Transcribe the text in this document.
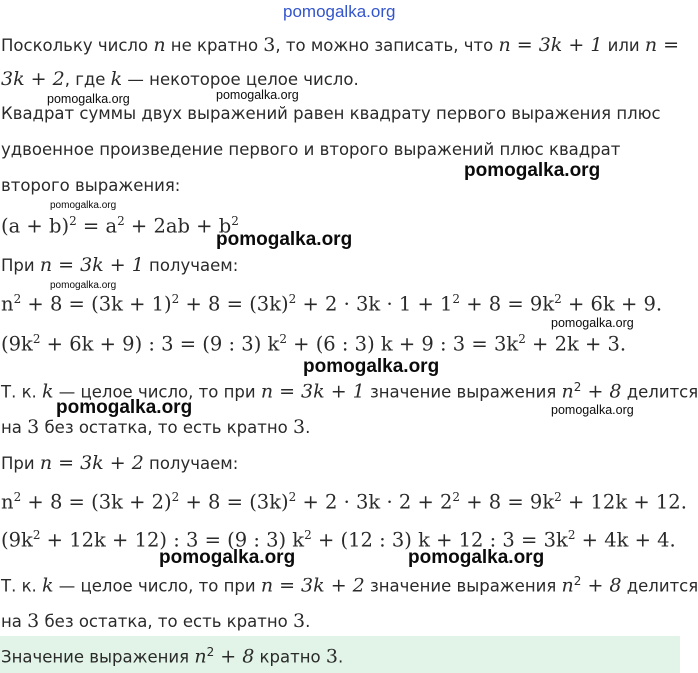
pomogalka.org
Поскольку число n не кратно 3, то можно записать, что n = 3k + 1 или n =
3k + 2, где k — некоторое целое число.
Квадрат суммы двух выражений равен квадрату первого выражения плюс
удвоенное произведение первого и второго выражений плюс квадрат
второго выражения:
$(a + b)^2 = a^2 + 2ab + b^2$
При n = 3k + 1 получаем:
$n^2 + 8 = (3k + 1)^2 + 8 = (3k)^2 + 2 \cdot 3k \cdot 1 + 1^2 + 8 = 9k^2 + 6k + 9$.
$(9k^2 + 6k + 9)$ : 3 = (9 : 3) $k^2 + (6$ : 3) k + 9 : $3 = 3k^2 + 2k + 3$.
Т. к. k — целое число, то при n = 3k + 1 значение выражения $n^2 + 8$ делится
на 3 без остатка, то есть кратно 3.
При n = 3k + 2 получаем:
$n^2 + 8 = (3k + 2)^2 + 8 = (3k)^2 + 2 \cdot 3k \cdot 2 + 2^2 + 8 = 9k^2 + 12k + 12$.
$(9k^2 + 12k + 12)$ : 3 = (9 : 3) $k^2 + (12$ : 3) k + 12 : $3 = 3k^2 + 4k + 4$.
Т. к. k — целое число, то при n = 3k + 2 значение выражения $n^2 + 8$ делится
на 3 без остатка, то есть кратно 3.
Значение выражения $n^2 + 8$ кратно 3.
pomogalka.org	pomogalka.org
pomogalka.org
pomogalka.org
pomogalka.org
pomogalka.org
pomogalka.org
pomogalka.org
pomogalka.org	pomogalka.org
pomogalka.org	pomogalka.org
